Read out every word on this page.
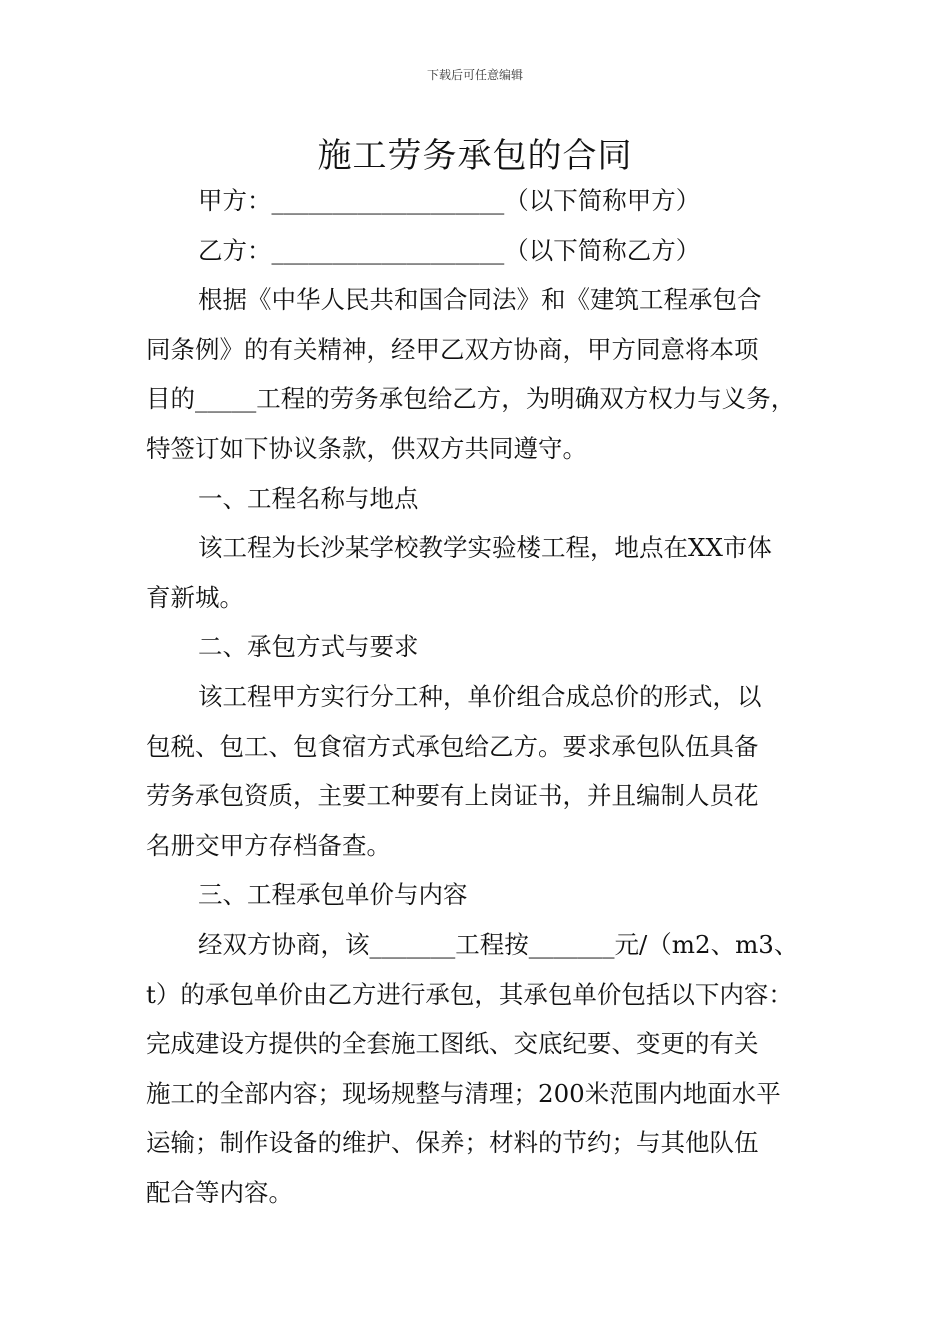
下载后可任意编辑
施工劳务承包的合同
甲方：___________________（以下简称甲方）
乙方：___________________（以下简称乙方）
根据《中华人民共和国合同法》和《建筑工程承包合
同条例》的有关精神，经甲乙双方协商，甲方同意将本项
目的_____工程的劳务承包给乙方，为明确双方权力与义务，
特签订如下协议条款，供双方共同遵守。
一、工程名称与地点
该工程为长沙某学校教学实验楼工程，地点在XX市体
育新城。
二、承包方式与要求
该工程甲方实行分工种，单价组合成总价的形式，以
包税、包工、包食宿方式承包给乙方。要求承包队伍具备
劳务承包资质，主要工种要有上岗证书，并且编制人员花
名册交甲方存档备查。
三、工程承包单价与内容
经双方协商，该_______工程按_______元/（m2、m3、
t）的承包单价由乙方进行承包，其承包单价包括以下内容：
完成建设方提供的全套施工图纸、交底纪要、变更的有关
施工的全部内容；现场规整与清理；200米范围内地面水平
运输；制作设备的维护、保养；材料的节约；与其他队伍
配合等内容。
